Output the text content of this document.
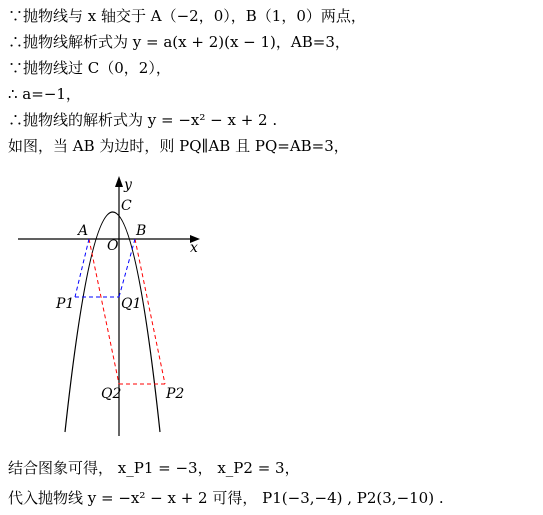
∵抛物线与 x 轴交于 A（−2，0），B（1，0）两点，
∴抛物线解析式为 y = a(x + 2)(x − 1)，AB=3，
∵抛物线过 C（0，2），
∴ a=−1，
∴抛物线的解析式为 y = −x² − x + 2 .
如图，当 AB 为边时，则 PQ∥AB 且 PQ=AB=3，
y
x
C
O
A	B
P1	Q1
Q2	P2
结合图象可得， x_P1 = −3， x_P2 = 3，
代入抛物线 y = −x² − x + 2 可得， P1(−3,−4) , P2(3,−10) .
